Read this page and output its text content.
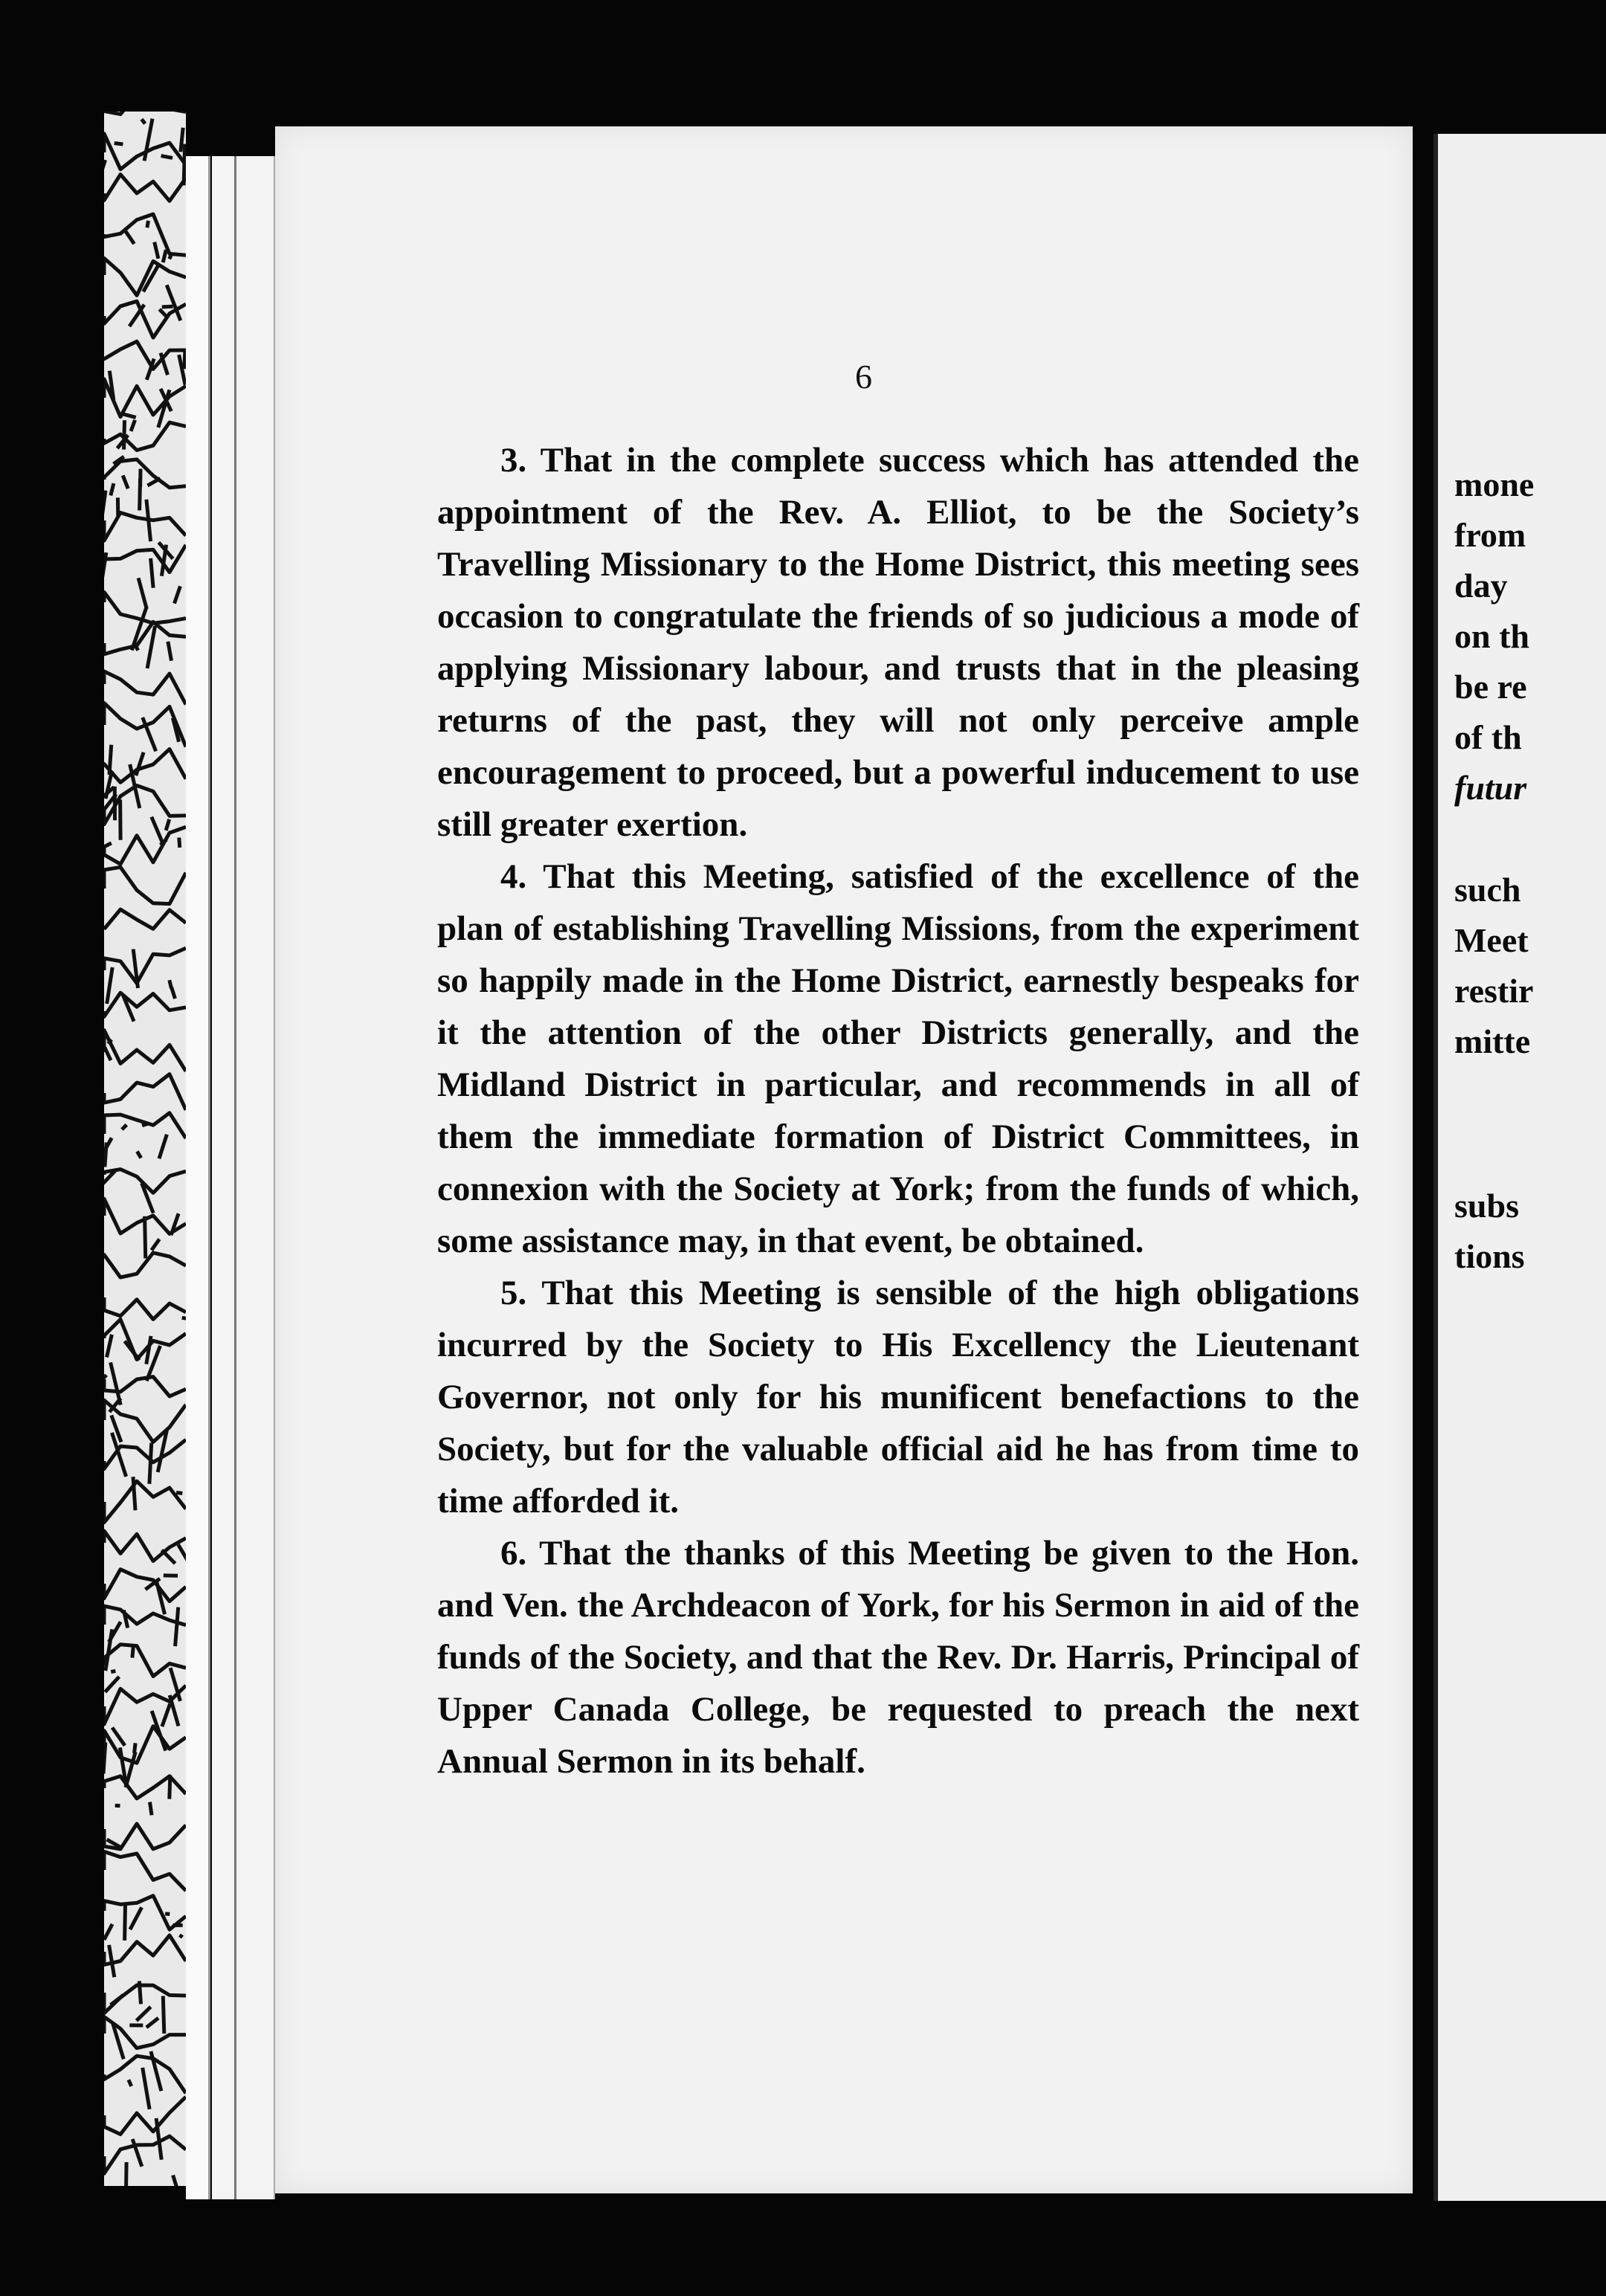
6

3. That in the complete success which has attended the appointment of the Rev. A. Elliot, to be the Society’s Travelling Missionary to the Home District, this meeting sees occasion to congratulate the friends of so judicious a mode of applying Missionary labour, and trusts that in the pleasing returns of the past, they will not only perceive ample encouragement to proceed, but a powerful inducement to use still greater exertion.

4. That this Meeting, satisfied of the excellence of the plan of establishing Travelling Missions, from the experiment so happily made in the Home District, earnestly bespeaks for it the attention of the other Districts generally, and the Midland District in particular, and recommends in all of them the immediate formation of District Committees, in connexion with the Society at York; from the funds of which, some assistance may, in that event, be obtained.

5. That this Meeting is sensible of the high obligations incurred by the Society to His Excellency the Lieutenant Governor, not only for his munificent benefactions to the Society, but for the valuable official aid he has from time to time afforded it.

6. That the thanks of this Meeting be given to the Hon. and Ven. the Archdeacon of York, for his Sermon in aid of the funds of the Society, and that the Rev. Dr. Harris, Principal of Upper Canada College, be requested to preach the next Annual Sermon in its behalf.

mone
from
day
on th
be re
of th
futur
such
Meet
restir
mitte
subs
tions
